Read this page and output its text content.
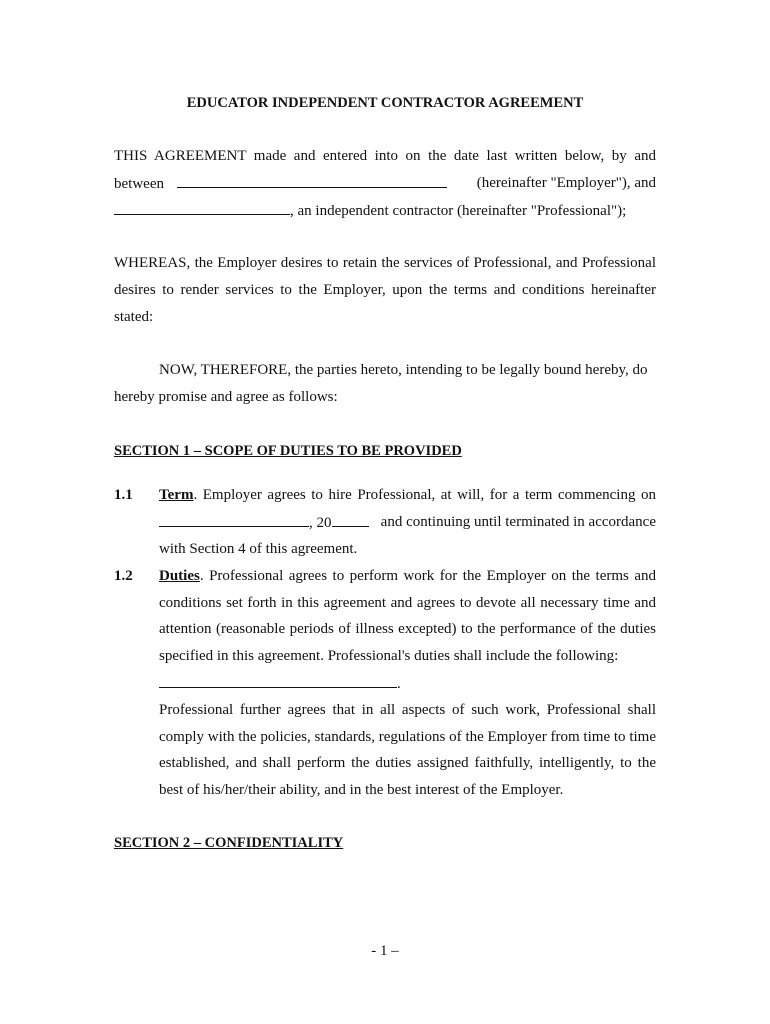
EDUCATOR INDEPENDENT CONTRACTOR AGREEMENT
THIS AGREEMENT made and entered into on the date last written below, by and
between	(hereinafter "Employer"), and
, an independent contractor (hereinafter "Professional");
WHEREAS, the Employer desires to retain the services of Professional, and Professional desires to render services to the Employer, upon the terms and conditions hereinafter stated:
NOW, THEREFORE, the parties hereto, intending to be legally bound hereby, do
hereby promise and agree as follows:
SECTION 1 – SCOPE OF DUTIES TO BE PROVIDED
1.1 Term. Employer agrees to hire Professional, at will, for a term commencing on
, 20	and continuing until terminated in accordance
with Section 4 of this agreement.
1.2 Duties. Professional agrees to perform work for the Employer on the terms and conditions set forth in this agreement and agrees to devote all necessary time and attention (reasonable periods of illness excepted) to the performance of the duties specified in this agreement. Professional's duties shall include the following:
.
Professional further agrees that in all aspects of such work, Professional shall comply with the policies, standards, regulations of the Employer from time to time established, and shall perform the duties assigned faithfully, intelligently, to the best of his/her/their ability, and in the best interest of the Employer.
SECTION 2 – CONFIDENTIALITY
- 1 –
